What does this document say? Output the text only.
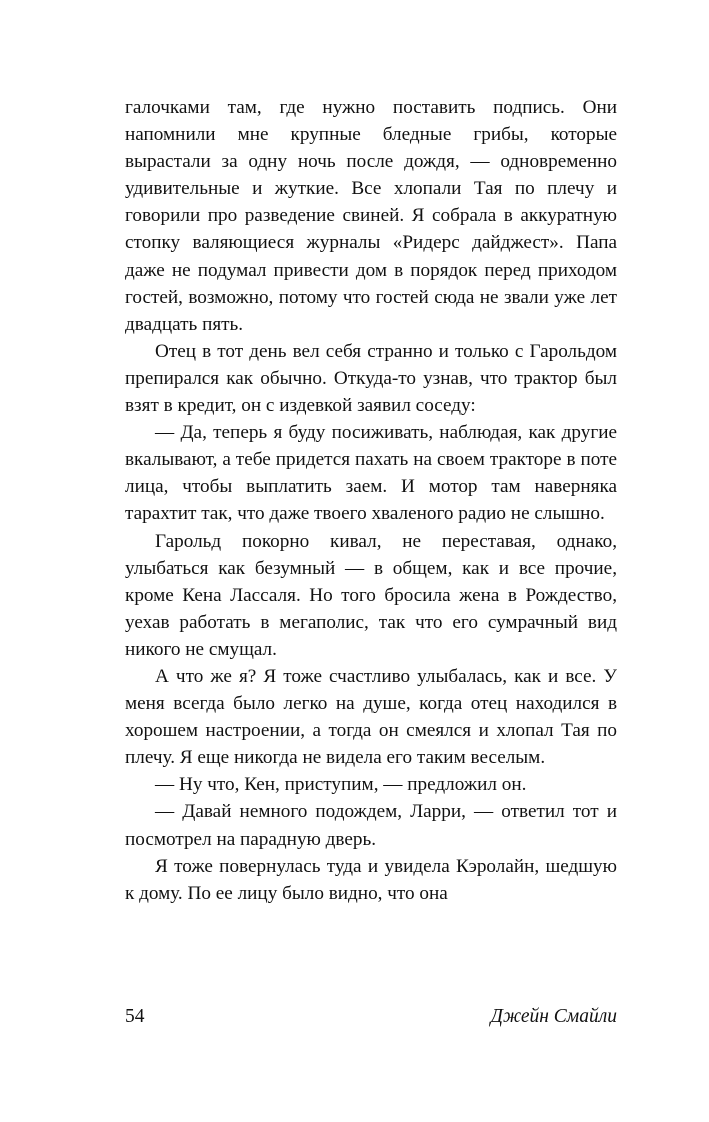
галочками там, где нужно поставить подпись. Они напомнили мне крупные бледные грибы, которые вырастали за одну ночь после дождя, — одновременно удивительные и жуткие. Все хлопали Тая по плечу и говорили про разведение свиней. Я собрала в аккуратную стопку валяющиеся журналы «Ридерс дайджест». Папа даже не подумал привести дом в порядок перед приходом гостей, возможно, потому что гостей сюда не звали уже лет двадцать пять.

Отец в тот день вел себя странно и только с Гарольдом препирался как обычно. Откуда-то узнав, что трактор был взят в кредит, он с издевкой заявил соседу:

— Да, теперь я буду посиживать, наблюдая, как другие вкалывают, а тебе придется пахать на своем тракторе в поте лица, чтобы выплатить заем. И мотор там наверняка тарахтит так, что даже твоего хваленого радио не слышно.

Гарольд покорно кивал, не переставая, однако, улыбаться как безумный — в общем, как и все прочие, кроме Кена Лассаля. Но того бросила жена в Рождество, уехав работать в мегаполис, так что его сумрачный вид никого не смущал.

А что же я? Я тоже счастливо улыбалась, как и все. У меня всегда было легко на душе, когда отец находился в хорошем настроении, а тогда он смеялся и хлопал Тая по плечу. Я еще никогда не видела его таким веселым.

— Ну что, Кен, приступим, — предложил он.

— Давай немного подождем, Ларри, — ответил тот и посмотрел на парадную дверь.

Я тоже повернулась туда и увидела Кэролайн, шедшую к дому. По ее лицу было видно, что она

54	Джейн Смайли
